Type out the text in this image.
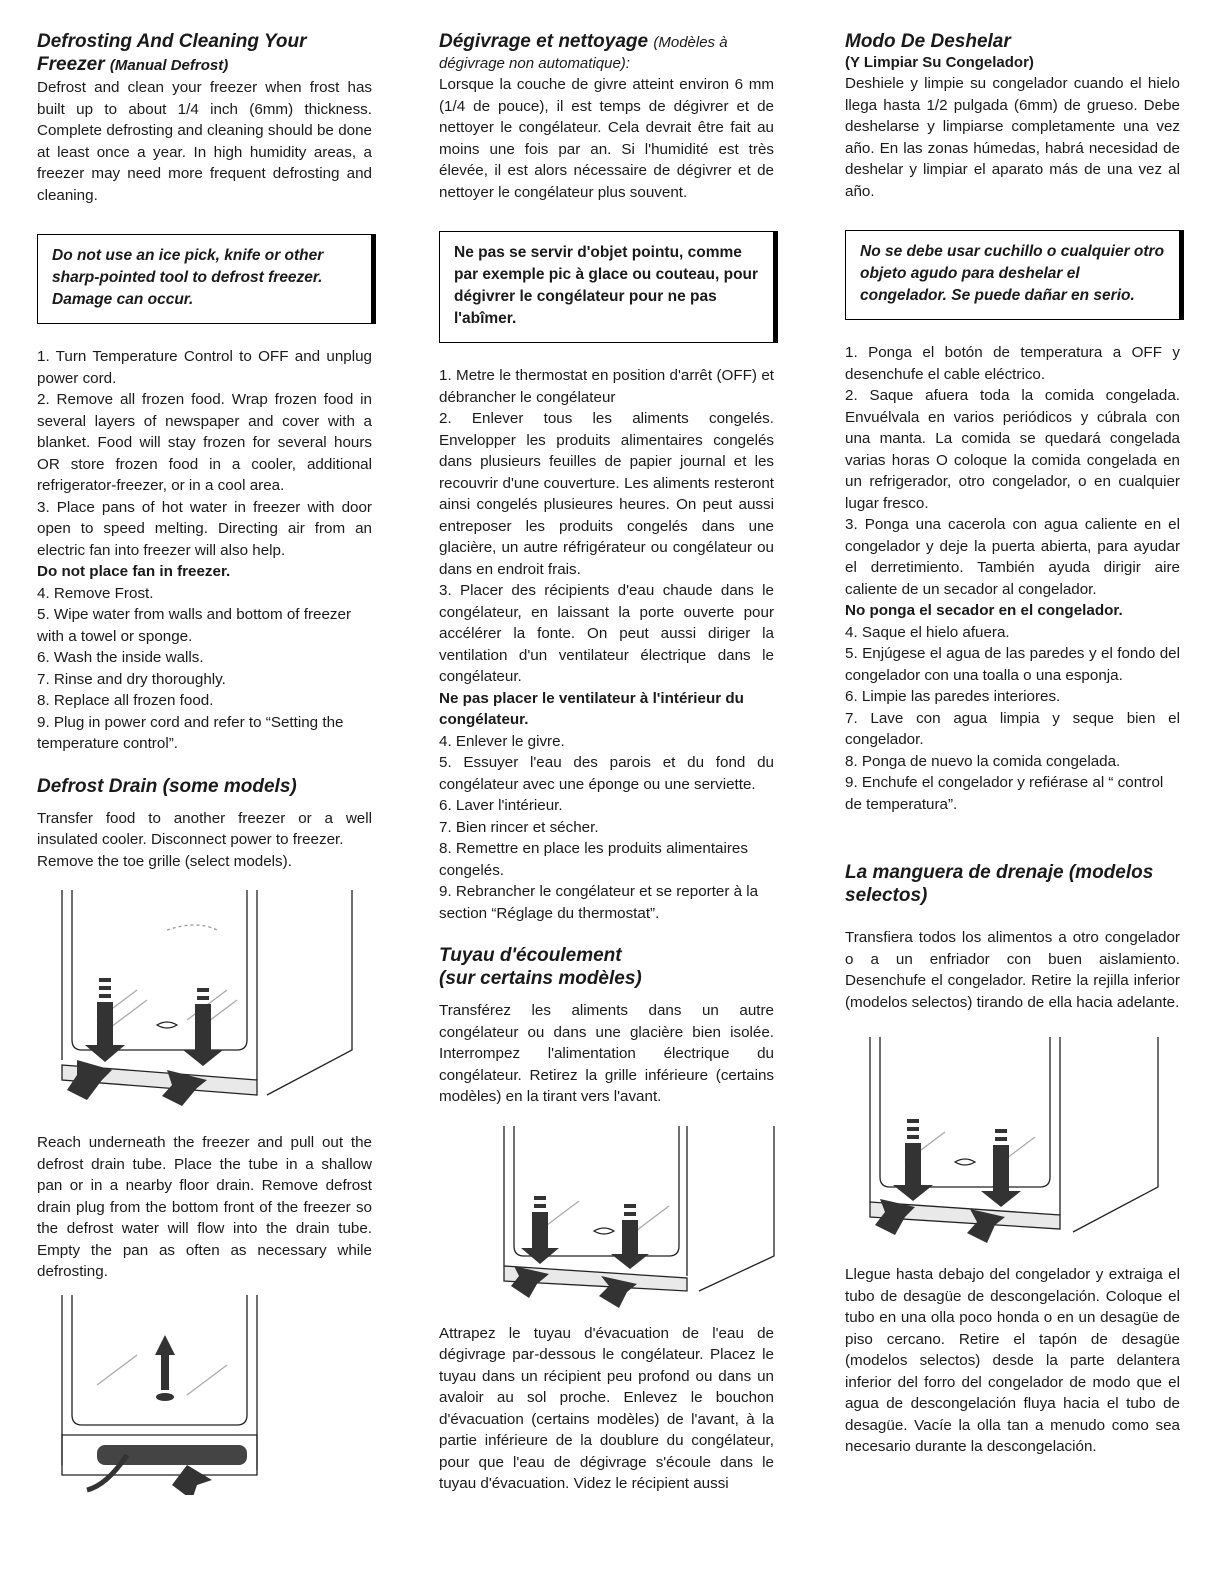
Defrosting And Cleaning Your

Freezer (Manual Defrost)

Defrost and clean your freezer when frost has built up to about 1/4 inch (6mm) thickness. Complete defrosting and cleaning should be done at least once a year. In high humidity areas, a freezer may need more frequent defrosting and cleaning.

Do not use an ice pick, knife or other sharp-pointed tool to defrost freezer. Damage can occur.

1. Turn Temperature Control to OFF and unplug power cord.

2. Remove all frozen food. Wrap frozen food in several layers of newspaper and cover with a blanket. Food will stay frozen for several hours OR store frozen food in a cooler, additional refrigerator-freezer, or in a cool area.

3. Place pans of hot water in freezer with door open to speed melting. Directing air from an electric fan into freezer will also help.

Do not place fan in freezer.

4. Remove Frost.

5. Wipe water from walls and bottom of freezer with a towel or sponge.

6. Wash the inside walls.

7. Rinse and dry thoroughly.

8. Replace all frozen food.

9. Plug in power cord and refer to “Setting the temperature control”.

Defrost Drain (some models)

Transfer food to another freezer or a well insulated cooler. Disconnect power to freezer.

Remove the toe grille (select models).

Reach underneath the freezer and pull out the defrost drain tube. Place the tube in a shallow pan or in a nearby floor drain. Remove defrost drain plug from the bottom front of the freezer so the defrost water will flow into the drain tube. Empty the pan as often as necessary while defrosting.

Dégivrage et nettoyage (Modèles à

dégivrage non automatique):

Lorsque la couche de givre atteint environ 6 mm (1/4 de pouce), il est temps de dégivrer et de nettoyer le congélateur. Cela devrait être fait au moins une fois par an. Si l'humidité est très élevée, il est alors nécessaire de dégivrer et de nettoyer le congélateur plus souvent.

Ne pas se servir d'objet pointu, comme par exemple pic à glace ou couteau, pour dégivrer le congélateur pour ne pas l'abîmer.

1. Metre le thermostat en position d'arrêt (OFF) et débrancher le congélateur

2. Enlever tous les aliments congelés. Envelopper les produits alimentaires congelés dans plusieurs feuilles de papier journal et les recouvrir d'une couverture. Les aliments resteront ainsi congelés plusieures heures. On peut aussi entreposer les produits congelés dans une glacière, un autre réfrigérateur ou congélateur ou dans en endroit frais.

3. Placer des récipients d'eau chaude dans le congélateur, en laissant la porte ouverte pour accélérer la fonte. On peut aussi diriger la ventilation d'un ventilateur électrique dans le congélateur.

Ne pas placer le ventilateur à l'intérieur du congélateur.

4. Enlever le givre.

5. Essuyer l'eau des parois et du fond du congélateur avec une éponge ou une serviette.

6. Laver l'intérieur.

7. Bien rincer et sécher.

8. Remettre en place les produits alimentaires congelés.

9. Rebrancher le congélateur et se reporter à la section “Réglage du thermostat”.

Tuyau d'écoulement

(sur certains modèles)

Transférez les aliments dans un autre congélateur ou dans une glacière bien isolée. Interrompez l'alimentation électrique du congélateur. Retirez la grille inférieure (certains modèles) en la tirant vers l'avant.

Attrapez le tuyau d'évacuation de l'eau de dégivrage par-dessous le congélateur. Placez le tuyau dans un récipient peu profond ou dans un avaloir au sol proche. Enlevez le bouchon d'évacuation (certains modèles) de l'avant, à la partie inférieure de la doublure du congélateur, pour que l'eau de dégivrage s'écoule dans le tuyau d'évacuation. Videz le récipient aussi

Modo De Deshelar

(Y Limpiar Su Congelador)

Deshiele y limpie su congelador cuando el hielo llega hasta 1/2 pulgada (6mm) de grueso. Debe deshelarse y limpiarse completamente una vez año. En las zonas húmedas, habrá necesidad de deshelar y limpiar el aparato más de una vez al año.

No se debe usar cuchillo o cualquier otro objeto agudo para deshelar el congelador. Se puede dañar en serio.

1. Ponga el botón de temperatura a OFF y desenchufe el cable eléctrico.

2. Saque afuera toda la comida congelada. Envuélvala en varios periódicos y cúbrala con una manta. La comida se quedará congelada varias horas O coloque la comida congelada en un refrigerador, otro congelador, o en cualquier lugar fresco.

3. Ponga una cacerola con agua caliente en el congelador y deje la puerta abierta, para ayudar el derretimiento. También ayuda dirigir aire caliente de un secador al congelador.

No ponga el secador en el congelador.

4. Saque el hielo afuera.

5. Enjúgese el agua de las paredes y el fondo del congelador con una toalla o una esponja.

6. Limpie las paredes interiores.

7. Lave con agua limpia y seque bien el congelador.

8. Ponga de nuevo la comida congelada.

9. Enchufe el congelador y refiérase al “ control de temperatura”.

La manguera de drenaje (modelos selectos)

Transfiera todos los alimentos a otro congelador o a un enfriador con buen aislamiento. Desenchufe el congelador. Retire la rejilla inferior (modelos selectos) tirando de ella hacia adelante.

Llegue hasta debajo del congelador y extraiga el tubo de desagüe de descongelación. Coloque el tubo en una olla poco honda o en un desagüe de piso cercano. Retire el tapón de desagüe (modelos selectos) desde la parte delantera inferior del forro del congelador de modo que el agua de descongelación fluya hacia el tubo de desagüe. Vacíe la olla tan a menudo como sea necesario durante la descongelación.
